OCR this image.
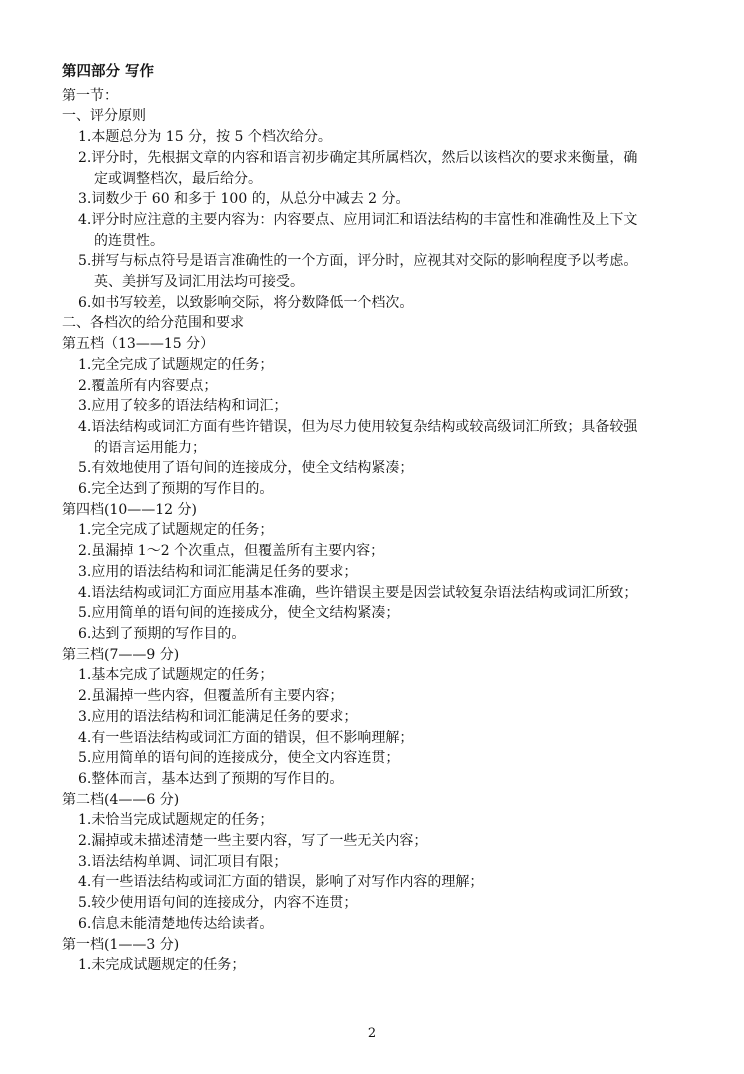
第四部分 写作
第一节：
一、评分原则
1.本题总分为 15 分，按 5 个档次给分。
2.评分时，先根据文章的内容和语言初步确定其所属档次，然后以该档次的要求来衡量，确
定或调整档次，最后给分。
3.词数少于 60 和多于 100 的，从总分中减去 2 分。
4.评分时应注意的主要内容为：内容要点、应用词汇和语法结构的丰富性和准确性及上下文
的连贯性。
5.拼写与标点符号是语言准确性的一个方面，评分时，应视其对交际的影响程度予以考虑。
英、美拼写及词汇用法均可接受。
6.如书写较差，以致影响交际，将分数降低一个档次。
二、各档次的给分范围和要求
第五档（13——15 分）
1.完全完成了试题规定的任务；
2.覆盖所有内容要点；
3.应用了较多的语法结构和词汇；
4.语法结构或词汇方面有些许错误，但为尽力使用较复杂结构或较高级词汇所致；具备较强
的语言运用能力；
5.有效地使用了语句间的连接成分，使全文结构紧凑；
6.完全达到了预期的写作目的。
第四档(10——12 分)
1.完全完成了试题规定的任务；
2.虽漏掉 1～2 个次重点，但覆盖所有主要内容；
3.应用的语法结构和词汇能满足任务的要求；
4.语法结构或词汇方面应用基本准确，些许错误主要是因尝试较复杂语法结构或词汇所致；
5.应用简单的语句间的连接成分，使全文结构紧凑；
6.达到了预期的写作目的。
第三档(7——9 分)
1.基本完成了试题规定的任务；
2.虽漏掉一些内容，但覆盖所有主要内容；
3.应用的语法结构和词汇能满足任务的要求；
4.有一些语法结构或词汇方面的错误，但不影响理解；
5.应用简单的语句间的连接成分，使全文内容连贯；
6.整体而言，基本达到了预期的写作目的。
第二档(4——6 分)
1.未恰当完成试题规定的任务；
2.漏掉或未描述清楚一些主要内容，写了一些无关内容；
3.语法结构单调、词汇项目有限；
4.有一些语法结构或词汇方面的错误，影响了对写作内容的理解；
5.较少使用语句间的连接成分，内容不连贯；
6.信息未能清楚地传达给读者。
第一档(1——3 分)
1.未完成试题规定的任务；
2
